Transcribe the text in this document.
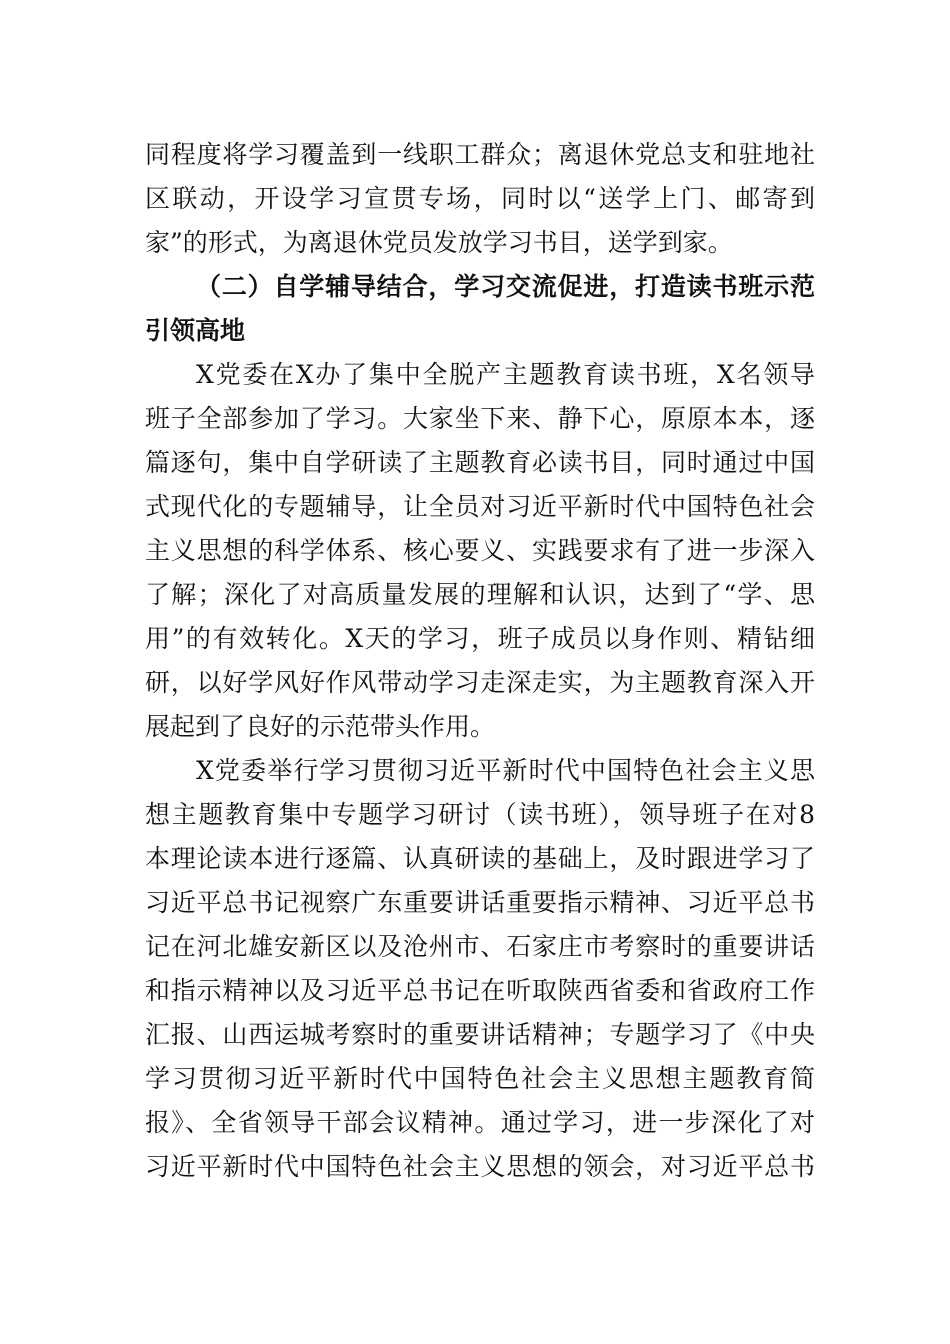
同程度将学习覆盖到一线职工群众；离退休党总支和驻地社

区联动，开设学习宣贯专场，同时以“送学上门、邮寄到

家”的形式，为离退休党员发放学习书目，送学到家。

（二）自学辅导结合，学习交流促进，打造读书班示范

引领高地

X党委在X办了集中全脱产主题教育读书班，X名领导

班子全部参加了学习。大家坐下来、静下心，原原本本，逐

篇逐句，集中自学研读了主题教育必读书目，同时通过中国

式现代化的专题辅导，让全员对习近平新时代中国特色社会

主义思想的科学体系、核心要义、实践要求有了进一步深入

了解；深化了对高质量发展的理解和认识，达到了“学、思

用”的有效转化。X天的学习，班子成员以身作则、精钻细

研，以好学风好作风带动学习走深走实，为主题教育深入开

展起到了良好的示范带头作用。

X党委举行学习贯彻习近平新时代中国特色社会主义思

想主题教育集中专题学习研讨（读书班），领导班子在对8

本理论读本进行逐篇、认真研读的基础上，及时跟进学习了

习近平总书记视察广东重要讲话重要指示精神、习近平总书

记在河北雄安新区以及沧州市、石家庄市考察时的重要讲话

和指示精神以及习近平总书记在听取陕西省委和省政府工作

汇报、山西运城考察时的重要讲话精神；专题学习了《中央

学习贯彻习近平新时代中国特色社会主义思想主题教育简

报》、全省领导干部会议精神。通过学习，进一步深化了对

习近平新时代中国特色社会主义思想的领会，对习近平总书
